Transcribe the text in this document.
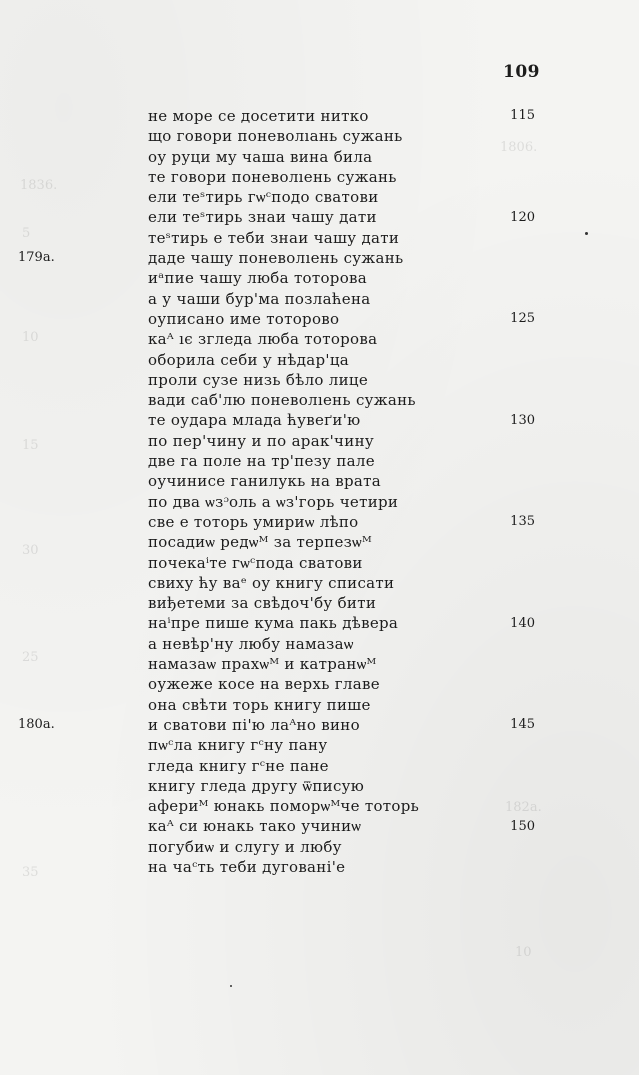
1836.
5
10
15
30
25
35
1806.
182a.
10
109
не море се досетити нитко
що говори поневолıань сужань
оу руци му чаша вина била
те говори поневолıень сужань
ели теˢтирь гѡᶜподо сватови
ели теˢтирь знаи чашу дати
теˢтирь е теби знаи чашу дати
даде чашу поневолıень сужань
иᵃпие чашу люба тоторова
а у чаши бур'ма позлаћена
оуписано име тоторово
каᴬ ıє зглeда люба тоторова
оборила себи у нѣдар'ца
проли сузе низь бѣло лице
вади саб'лю поневолıень сужань
те оудара млада ћувеґи'ю
по пер'чину и по арак'чину
две га поле на тр'пезу пале
оучинисе ганилукь на врата
по два ѡзᵓоль а ѡз'горь четири
све е тоторь умириѡ лѣпо
посадиѡ редѡᴹ за терпезѡᴹ
почекаⁱте гѡᶜпода сватови
свиху ћу ваᵉ оу книгу списати
виђетеми за свѣдоч'бу бити
наⁱпре пише кума пакь дѣвера
а невѣр'ну любу намазаѡ
намазаѡ прахѡᴹ и катранѡᴹ
оужеже косе на верхь главе
она свѣти торь книгу пише
и сватови пі'ю лаᴬно вино
пѡᶜла книгу гᶜну пану
гледа книгу гᶜне пане
книгу гледа другу ѿписую
афериᴹ юнакь поморѡᴹче тоторь
каᴬ си юнакь тако учиниѡ
погубиѡ и слугу и любу
на чаᶜть теби дуговані'е
115
120
125
130
135
140
145
150
179a.
180a.
